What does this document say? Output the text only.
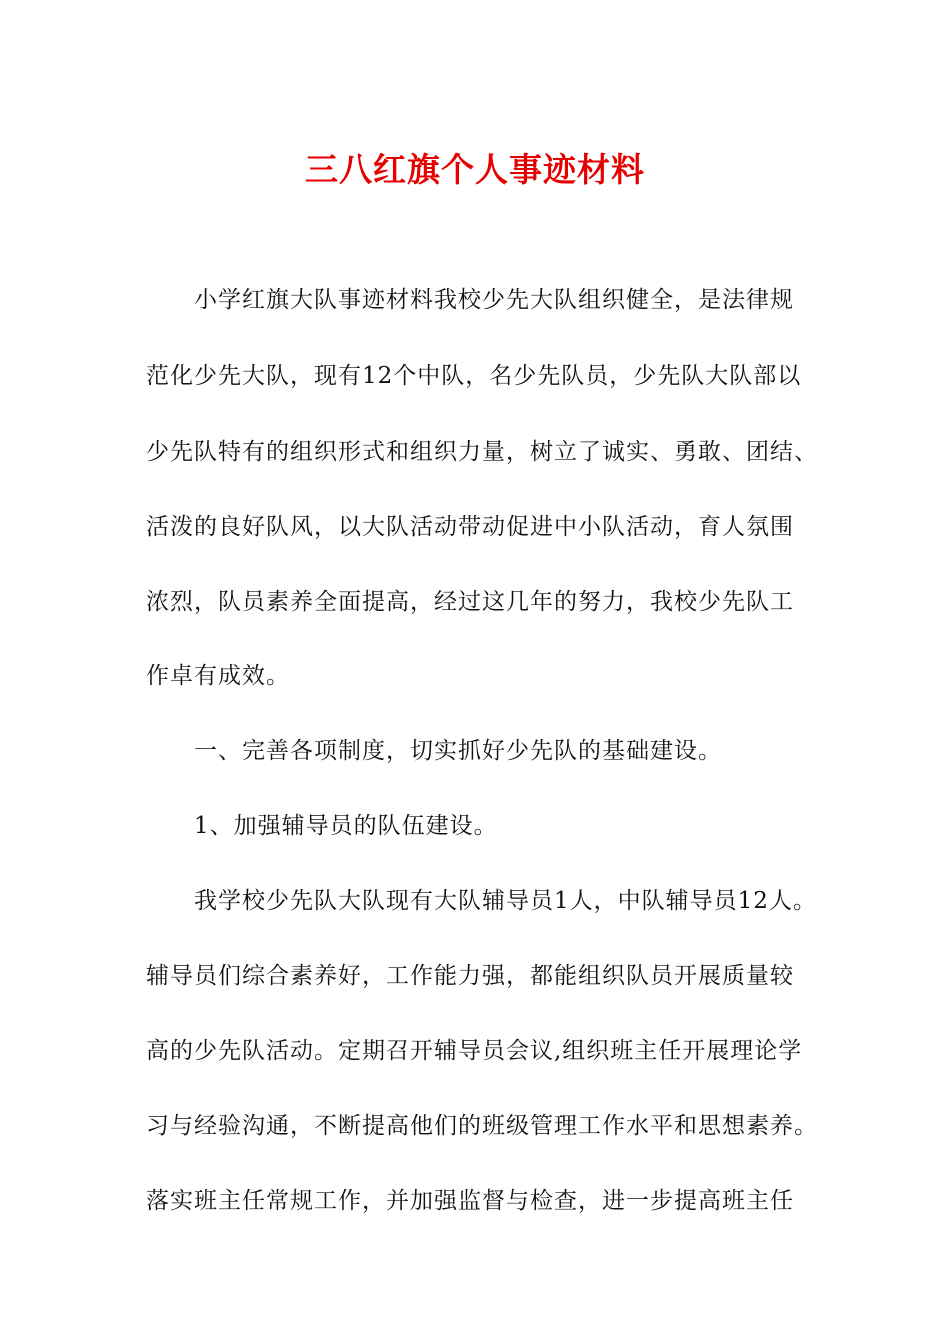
三八红旗个人事迹材料
小学红旗大队事迹材料我校少先大队组织健全，是法律规
范化少先大队，现有12个中队，名少先队员，少先队大队部以
少先队特有的组织形式和组织力量，树立了诚实、勇敢、团结、
活泼的良好队风，以大队活动带动促进中小队活动，育人氛围
浓烈，队员素养全面提高，经过这几年的努力，我校少先队工
作卓有成效。
一、完善各项制度，切实抓好少先队的基础建设。
1、加强辅导员的队伍建设。
我学校少先队大队现有大队辅导员1人，中队辅导员12人。
辅导员们综合素养好，工作能力强，都能组织队员开展质量较
高的少先队活动。定期召开辅导员会议,组织班主任开展理论学
习与经验沟通，不断提高他们的班级管理工作水平和思想素养。
落实班主任常规工作，并加强监督与检查，进一步提高班主任
